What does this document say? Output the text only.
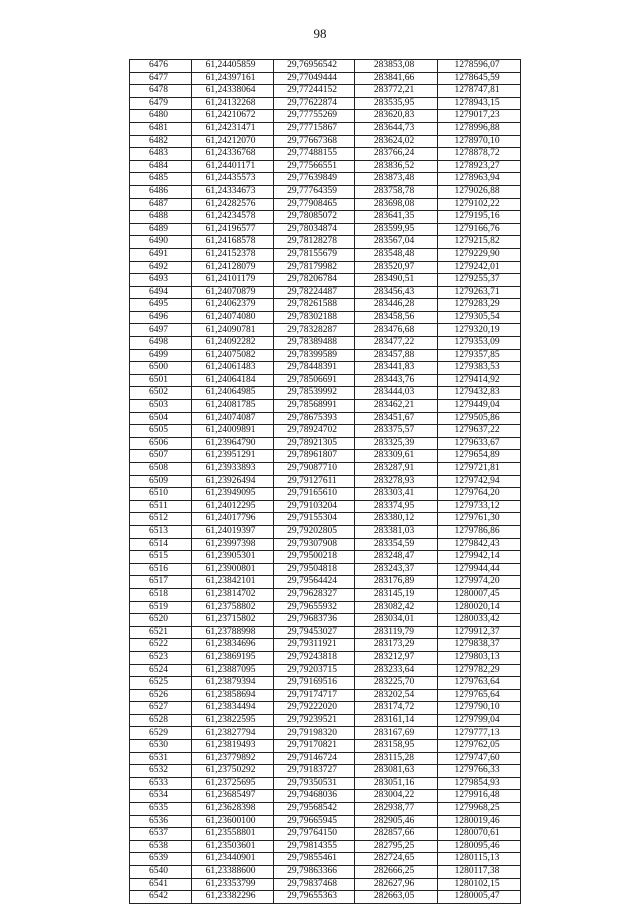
98
6476	61,24405859	29,76956542	283853,08	1278596,07
6477	61,24397161	29,77049444	283841,66	1278645,59
6478	61,24338064	29,77244152	283772,21	1278747,81
6479	61,24132268	29,77622874	283535,95	1278943,15
6480	61,24210672	29,77755269	283620,83	1279017,23
6481	61,24231471	29,77715867	283644,73	1278996,88
6482	61,24212070	29,77667368	283624,02	1278970,10
6483	61,24336768	29,77488155	283766,24	1278878,72
6484	61,24401171	29,77566551	283836,52	1278923,27
6485	61,24435573	29,77639849	283873,48	1278963,94
6486	61,24334673	29,77764359	283758,78	1279026,88
6487	61,24282576	29,77908465	283698,08	1279102,22
6488	61,24234578	29,78085072	283641,35	1279195,16
6489	61,24196577	29,78034874	283599,95	1279166,76
6490	61,24168578	29,78128278	283567,04	1279215,82
6491	61,24152378	29,78155679	283548,48	1279229,90
6492	61,24128079	29,78179982	283520,97	1279242,01
6493	61,24101179	29,78206784	283490,51	1279255,37
6494	61,24070879	29,78224487	283456,43	1279263,71
6495	61,24062379	29,78261588	283446,28	1279283,29
6496	61,24074080	29,78302188	283458,56	1279305,54
6497	61,24090781	29,78328287	283476,68	1279320,19
6498	61,24092282	29,78389488	283477,22	1279353,09
6499	61,24075082	29,78399589	283457,88	1279357,85
6500	61,24061483	29,78448391	283441,83	1279383,53
6501	61,24064184	29,78506691	283443,76	1279414,92
6502	61,24064985	29,78539992	283444,03	1279432,83
6503	61,24081785	29,78568991	283462,21	1279449,04
6504	61,24074087	29,78675393	283451,67	1279505,86
6505	61,24009891	29,78924702	283375,57	1279637,22
6506	61,23964790	29,78921305	283325,39	1279633,67
6507	61,23951291	29,78961807	283309,61	1279654,89
6508	61,23933893	29,79087710	283287,91	1279721,81
6509	61,23926494	29,79127611	283278,93	1279742,94
6510	61,23949095	29,79165610	283303,41	1279764,20
6511	61,24012295	29,79103204	283374,95	1279733,12
6512	61,24017796	29,79155304	283380,12	1279761,30
6513	61,24019397	29,79202805	283381,03	1279786,86
6514	61,23997398	29,79307908	283354,59	1279842,43
6515	61,23905301	29,79500218	283248,47	1279942,14
6516	61,23900801	29,79504818	283243,37	1279944,44
6517	61,23842101	29,79564424	283176,89	1279974,20
6518	61,23814702	29,79628327	283145,19	1280007,45
6519	61,23758802	29,79655932	283082,42	1280020,14
6520	61,23715802	29,79683736	283034,01	1280033,42
6521	61,23788998	29,79453027	283119,79	1279912,37
6522	61,23834696	29,79311921	283173,29	1279838,37
6523	61,23869195	29,79243818	283212,97	1279803,13
6524	61,23887095	29,79203715	283233,64	1279782,29
6525	61,23879394	29,79169516	283225,70	1279763,64
6526	61,23858694	29,79174717	283202,54	1279765,64
6527	61,23834494	29,79222020	283174,72	1279790,10
6528	61,23822595	29,79239521	283161,14	1279799,04
6529	61,23827794	29,79198320	283167,69	1279777,13
6530	61,23819493	29,79170821	283158,95	1279762,05
6531	61,23779892	29,79146724	283115,28	1279747,60
6532	61,23750292	29,79183727	283081,63	1279766,33
6533	61,23725695	29,79350531	283051,16	1279854,93
6534	61,23685497	29,79468036	283004,22	1279916,48
6535	61,23628398	29,79568542	282938,77	1279968,25
6536	61,23600100	29,79665945	282905,46	1280019,46
6537	61,23558801	29,79764150	282857,66	1280070,61
6538	61,23503601	29,79814355	282795,25	1280095,46
6539	61,23440901	29,79855461	282724,65	1280115,13
6540	61,23388600	29,79863366	282666,25	1280117,38
6541	61,23353799	29,79837468	282627,96	1280102,15
6542	61,23382296	29,79655363	282663,05	1280005,47
